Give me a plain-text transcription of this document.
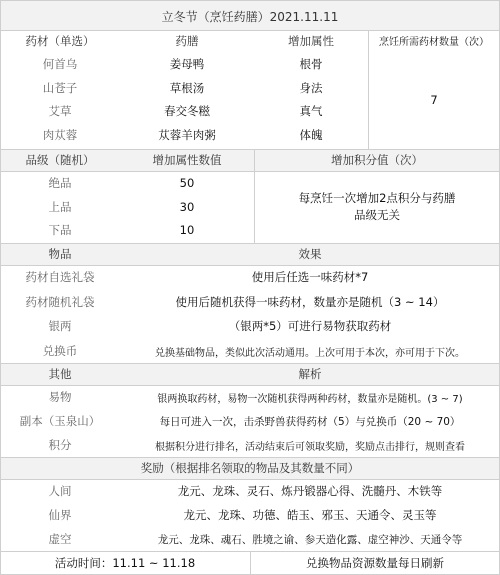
立冬节（烹饪药膳）2021.11.11
药材（单选）	药膳	增加属性	烹饪所需药材数量（次）
何首乌	姜母鸭	根骨
山苍子	草根汤	身法
艾草	春交冬糍	真气
肉苁蓉	苁蓉羊肉粥	体魄
7
品级（随机）	增加属性数值	增加积分值（次）
绝品	50
上品	30
下品	10
每烹饪一次增加2点积分与药膳品级无关
物品	效果
药材自选礼袋	使用后任选一味药材*7
药材随机礼袋	使用后随机获得一味药材，数量亦是随机（3 ~ 14）
银两	（银两*5）可进行易物获取药材
兑换币	兑换基础物品，类似此次活动通用。上次可用于本次，亦可用于下次。
其他	解析
易物	银两换取药材，易物一次随机获得两种药材，数量亦是随机。(3 ~ 7)
副本（玉泉山）	每日可进入一次，击杀野兽获得药材（5）与兑换币（20 ~ 70）
积分	根据积分进行排名，活动结束后可领取奖励，奖励点击排行，规则查看
奖励（根据排名领取的物品及其数量不同）
人间	龙元、龙珠、灵石、炼丹锻器心得、洗髓丹、木铁等
仙界	龙元、龙珠、功德、皓玉、邪玉、天通令、灵玉等
虚空	龙元、龙珠、魂石、胜境之谕、参天造化露、虚空神沙、天通令等
活动时间：11.11 ~ 11.18	兑换物品资源数量每日刷新
